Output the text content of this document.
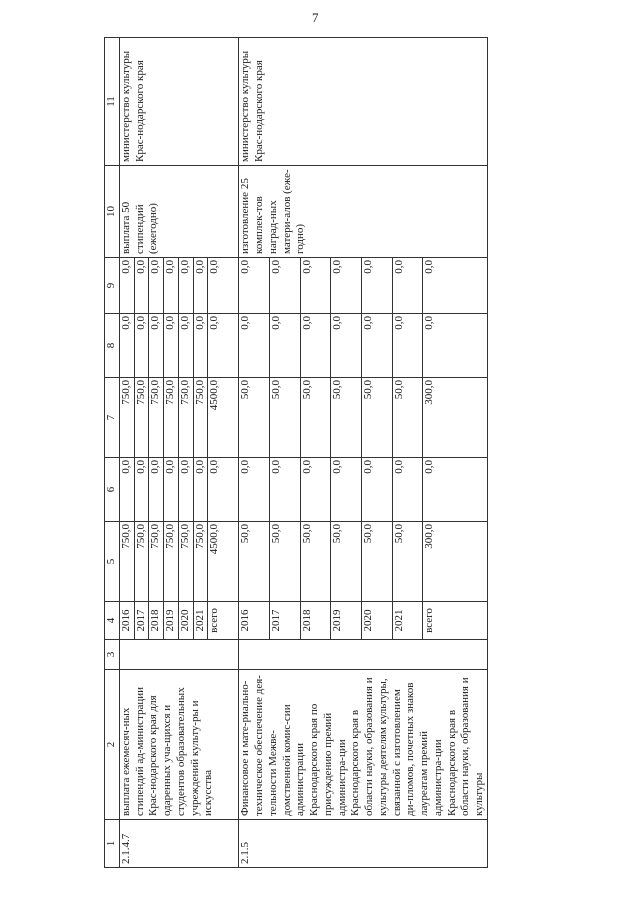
7
1	2	3	4	5	6	7	8	9	10	11
2.1.4.7	выплата ежемесяч-ных стипендий ад-министрации Крас-нодарского края для одаренных уча-щихся и студентов образовательных учреждений культу-ры и искусства		2016	750,0	0,0	750,0	0,0	0,0	выплата 50 стипендий (ежегодно)	министерство культуры Крас-нодарского края
			2017	750,0	0,0	750,0	0,0	0,0		
			2018	750,0	0,0	750,0	0,0	0,0		
			2019	750,0	0,0	750,0	0,0	0,0		
			2020	750,0	0,0	750,0	0,0	0,0		
			2021	750,0	0,0	750,0	0,0	0,0		
			всего	4500,0	0,0	4500,0	0,0	0,0		
2.1.5	Финансовое и мате-риально-техническое обеспечение дея-тельности Межве-домственной комис-сии администрации Краснодарского края по присуждению премий администра-ции Краснодарского края в области науки, образования и культуры деятелям культуры, связанной с изготовлением ди-пломов, почетных знаков лауреатам премий администра-ции Краснодарского края в области науки, образования и культуры		2016	50,0	0,0	50,0	0,0	0,0	изготовление 25 комплек-тов наград-ных матери-алов (еже-годно)	министерство культуры Крас-нодарского края
			2017	50,0	0,0	50,0	0,0	0,0		
			2018	50,0	0,0	50,0	0,0	0,0		
			2019	50,0	0,0	50,0	0,0	0,0		
			2020	50,0	0,0	50,0	0,0	0,0		
			2021	50,0	0,0	50,0	0,0	0,0		
			всего	300,0	0,0	300,0	0,0	0,0		
